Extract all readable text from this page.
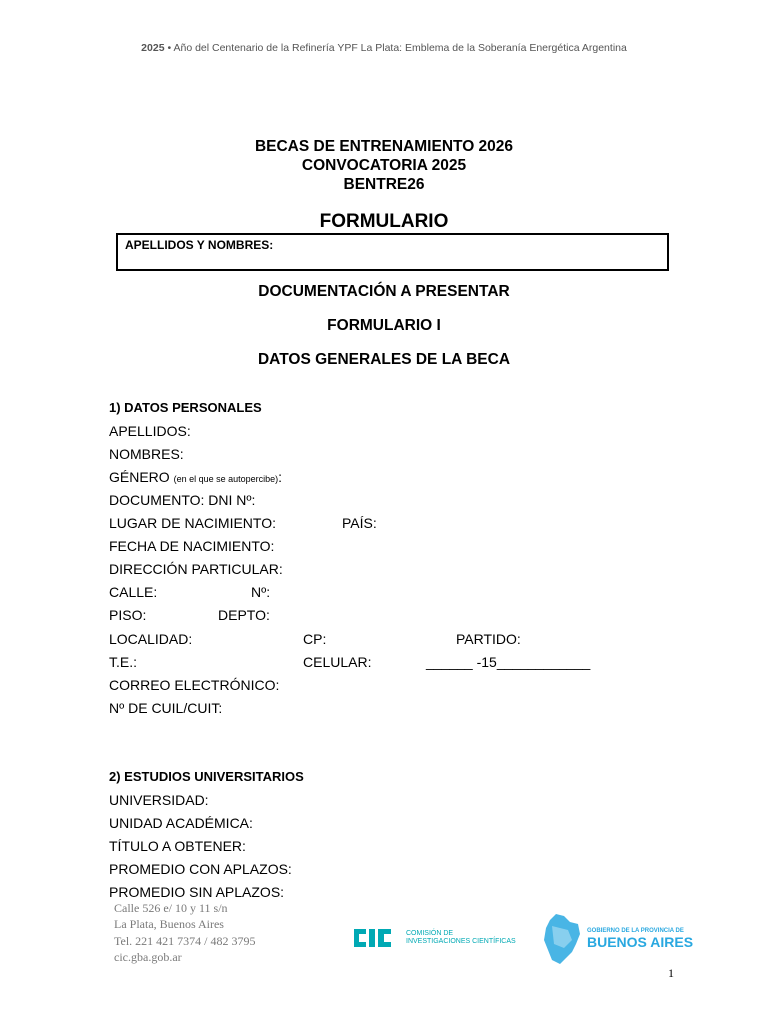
2025 • Año del Centenario de la Refinería YPF La Plata: Emblema de la Soberanía Energética Argentina
BECAS DE ENTRENAMIENTO 2026
CONVOCATORIA 2025
BENTRE26
FORMULARIO
APELLIDOS Y NOMBRES:
DOCUMENTACIÓN A PRESENTAR
FORMULARIO I
DATOS GENERALES DE LA BECA
1) DATOS PERSONALES
APELLIDOS:
NOMBRES:
GÉNERO (en el que se autopercibe):
DOCUMENTO: DNI Nº:
LUGAR DE NACIMIENTO:	PAÍS:
FECHA DE NACIMIENTO:
DIRECCIÓN PARTICULAR:
CALLE:	Nº:
PISO:	DEPTO:
LOCALIDAD:	CP:	PARTIDO:
T.E.:	CELULAR:	______ -15____________
CORREO ELECTRÓNICO:
Nº DE CUIL/CUIT:
2) ESTUDIOS UNIVERSITARIOS
UNIVERSIDAD:
UNIDAD ACADÉMICA:
TÍTULO A OBTENER:
PROMEDIO CON APLAZOS:
PROMEDIO SIN APLAZOS:
Calle 526 e/ 10 y 11 s/n
La Plata, Buenos Aires
Tel. 221 421 7374 / 482 3795
cic.gba.gob.ar
COMISIÓN DE
INVESTIGACIONES CIENTÍFICAS
GOBIERNO DE LA PROVINCIA DE
BUENOS AIRES
1
